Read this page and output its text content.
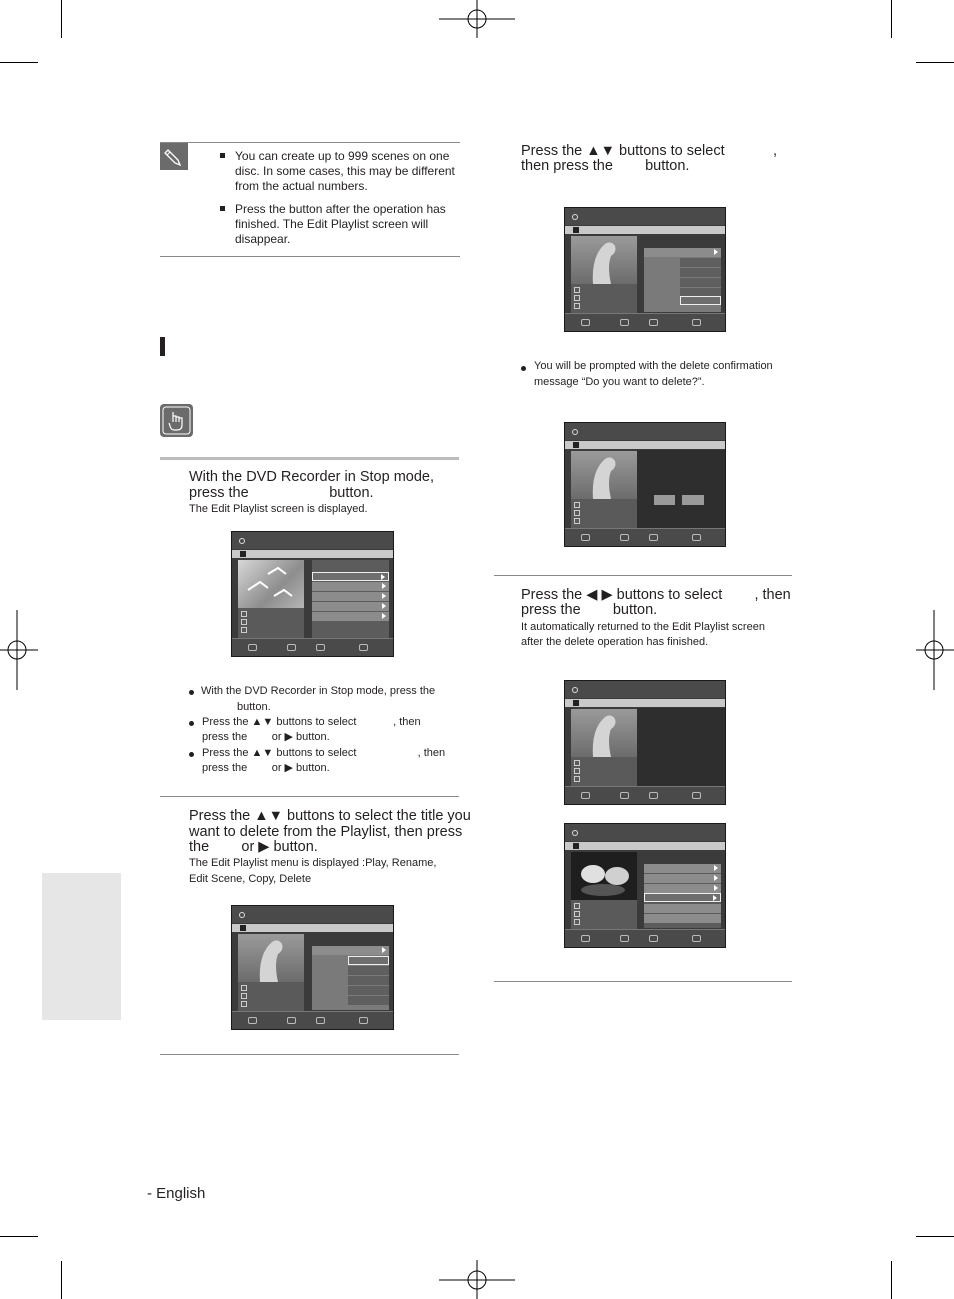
You can create up to 999 scenes on one disc. In some cases, this may be different from the actual numbers.
Press the button after the operation has finished. The Edit Playlist screen will disappear.
With the DVD Recorder in Stop mode,
press the                    button.
The Edit Playlist screen is displayed.
With the DVD Recorder in Stop mode, press the
button.
Press the ▲▼ buttons to select            , then
press the        or ▶ button.
Press the ▲▼ buttons to select                    , then
press the        or ▶ button.
Press the ▲▼ buttons to select the title you
want to delete from the Playlist, then press
the        or ▶ button.
The Edit Playlist menu is displayed :Play, Rename,
Edit Scene, Copy, Delete
Press the ▲▼ buttons to select            ,
then press the        button.
You will be prompted with the delete confirmation
message “Do you want to delete?”.
Press the ◀ ▶ buttons to select        , then
press the        button.
It automatically returned to the Edit Playlist screen
after the delete operation has finished.
- English
